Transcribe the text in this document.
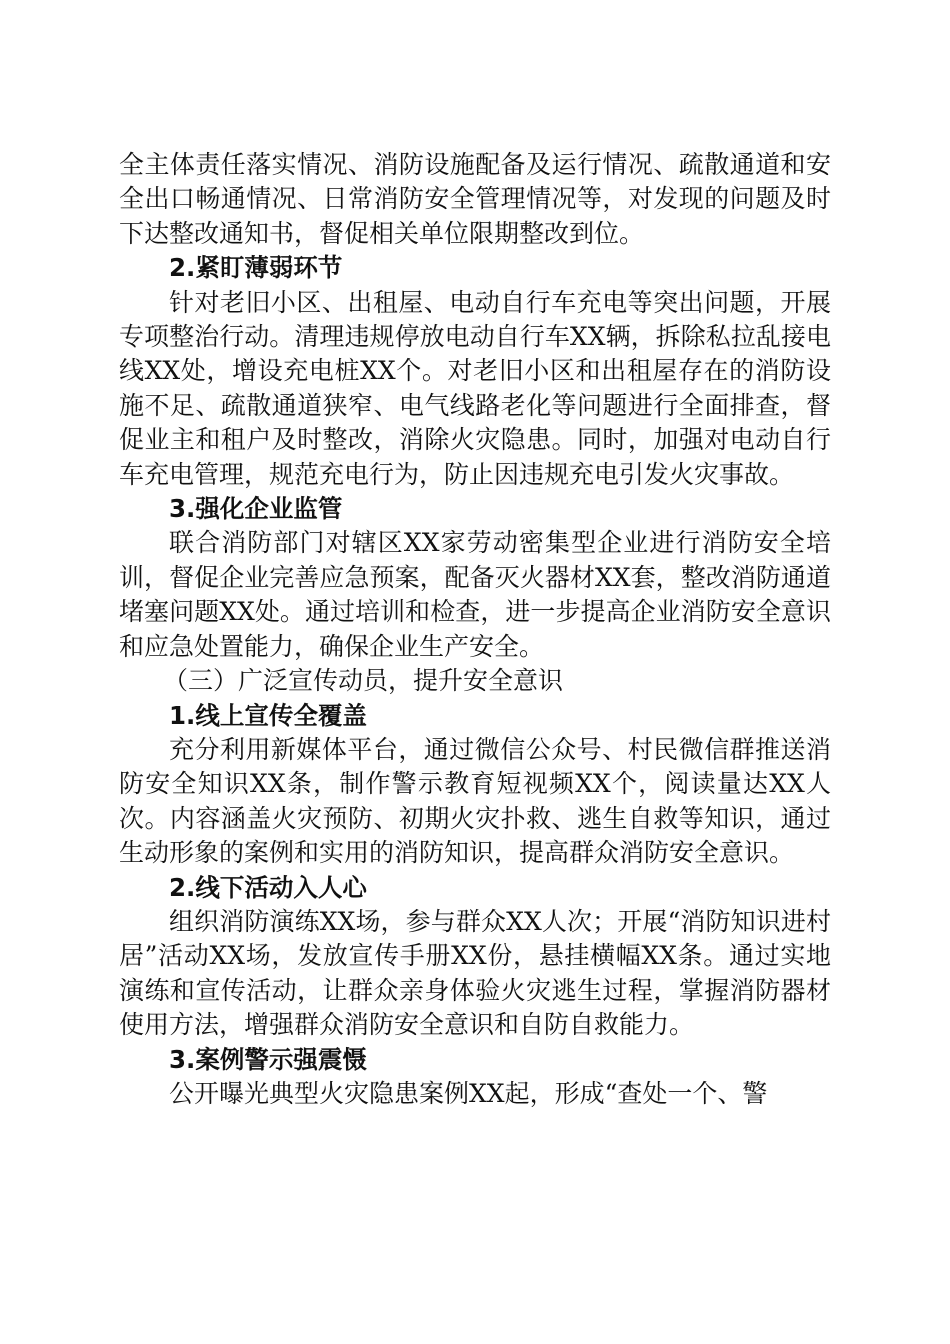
全主体责任落实情况、消防设施配备及运行情况、疏散通道和安全出口畅通情况、日常消防安全管理情况等，对发现的问题及时下达整改通知书，督促相关单位限期整改到位。

2.紧盯薄弱环节

针对老旧小区、出租屋、电动自行车充电等突出问题，开展专项整治行动。清理违规停放电动自行车XX辆，拆除私拉乱接电线XX处，增设充电桩XX个。对老旧小区和出租屋存在的消防设施不足、疏散通道狭窄、电气线路老化等问题进行全面排查，督促业主和租户及时整改，消除火灾隐患。同时，加强对电动自行车充电管理，规范充电行为，防止因违规充电引发火灾事故。

3.强化企业监管

联合消防部门对辖区XX家劳动密集型企业进行消防安全培训，督促企业完善应急预案，配备灭火器材XX套，整改消防通道堵塞问题XX处。通过培训和检查，进一步提高企业消防安全意识和应急处置能力，确保企业生产安全。

（三）广泛宣传动员，提升安全意识

1.线上宣传全覆盖

充分利用新媒体平台，通过微信公众号、村民微信群推送消防安全知识XX条，制作警示教育短视频XX个，阅读量达XX人次。内容涵盖火灾预防、初期火灾扑救、逃生自救等知识，通过生动形象的案例和实用的消防知识，提高群众消防安全意识。

2.线下活动入人心

组织消防演练XX场，参与群众XX人次；开展“消防知识进村居”活动XX场，发放宣传手册XX份，悬挂横幅XX条。通过实地演练和宣传活动，让群众亲身体验火灾逃生过程，掌握消防器材使用方法，增强群众消防安全意识和自防自救能力。

3.案例警示强震慑

公开曝光典型火灾隐患案例XX起，形成“查处一个、警
